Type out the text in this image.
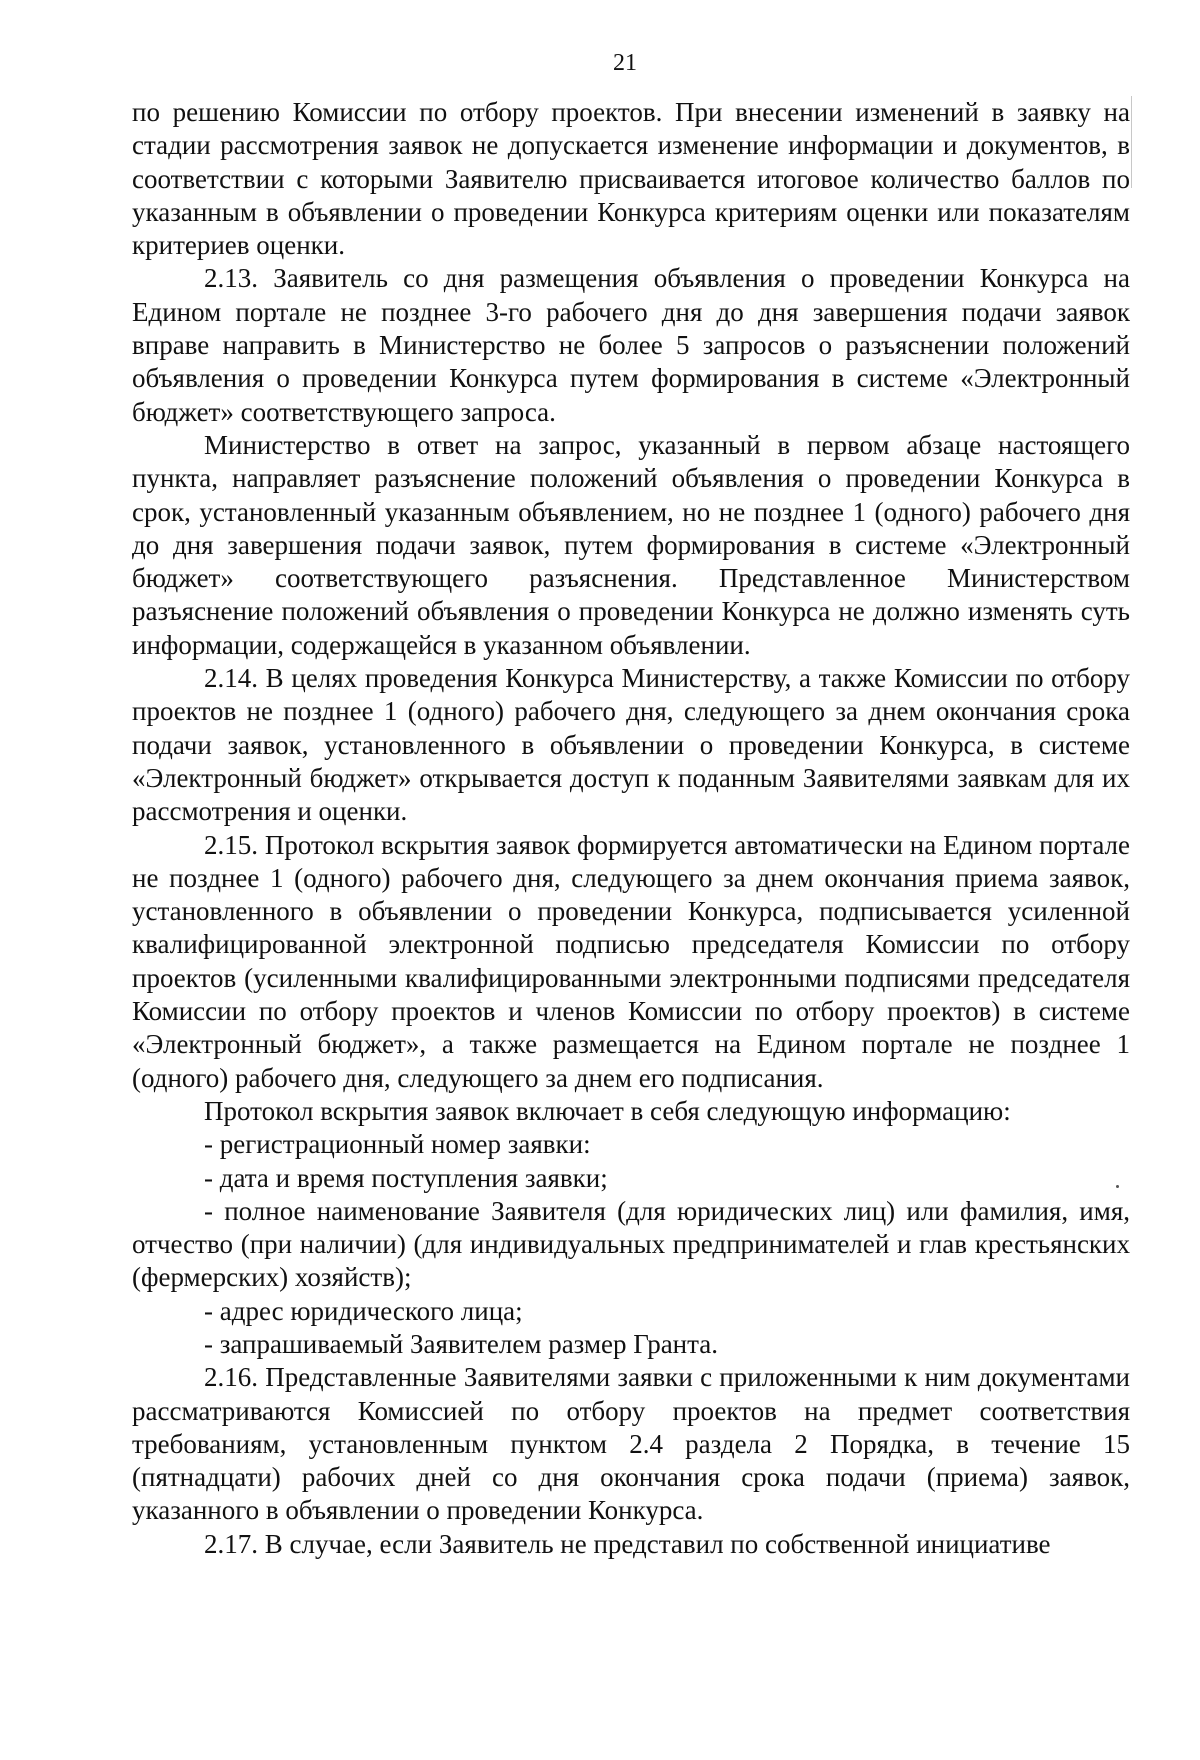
21

по решению Комиссии по отбору проектов. При внесении изменений в заявку на стадии рассмотрения заявок не допускается изменение информации и документов, в соответствии с которыми Заявителю присваивается итоговое количество баллов по указанным в объявлении о проведении Конкурса критериям оценки или показателям критериев оценки.

2.13. Заявитель со дня размещения объявления о проведении Конкурса на Едином портале не позднее 3-го рабочего дня до дня завершения подачи заявок вправе направить в Министерство не более 5 запросов о разъяснении положений объявления о проведении Конкурса путем формирования в системе «Электронный бюджет» соответствующего запроса.

Министерство в ответ на запрос, указанный в первом абзаце настоящего пункта, направляет разъяснение положений объявления о проведении Конкурса в срок, установленный указанным объявлением, но не позднее 1 (одного) рабочего дня до дня завершения подачи заявок, путем формирования в системе «Электронный бюджет» соответствующего разъяснения. Представленное Министерством разъяснение положений объявления о проведении Конкурса не должно изменять суть информации, содержащейся в указанном объявлении.

2.14. В целях проведения Конкурса Министерству, а также Комиссии по отбору проектов не позднее 1 (одного) рабочего дня, следующего за днем окончания срока подачи заявок, установленного в объявлении о проведении Конкурса, в системе «Электронный бюджет» открывается доступ к поданным Заявителями заявкам для их рассмотрения и оценки.

2.15. Протокол вскрытия заявок формируется автоматически на Едином портале не позднее 1 (одного) рабочего дня, следующего за днем окончания приема заявок, установленного в объявлении о проведении Конкурса, подписывается усиленной квалифицированной электронной подписью председателя Комиссии по отбору проектов (усиленными квалифицированными электронными подписями председателя Комиссии по отбору проектов и членов Комиссии по отбору проектов) в системе «Электронный бюджет», а также размещается на Едином портале не позднее 1 (одного) рабочего дня, следующего за днем его подписания.

Протокол вскрытия заявок включает в себя следующую информацию:

- регистрационный номер заявки:

- дата и время поступления заявки;

- полное наименование Заявителя (для юридических лиц) или фамилия, имя, отчество (при наличии) (для индивидуальных предпринимателей и глав крестьянских (фермерских) хозяйств);

- адрес юридического лица;

- запрашиваемый Заявителем размер Гранта.

2.16. Представленные Заявителями заявки с приложенными к ним документами рассматриваются Комиссией по отбору проектов на предмет соответствия требованиям, установленным пунктом 2.4 раздела 2 Порядка, в течение 15 (пятнадцати) рабочих дней со дня окончания срока подачи (приема) заявок, указанного в объявлении о проведении Конкурса.

2.17. В случае, если Заявитель не представил по собственной инициативе
